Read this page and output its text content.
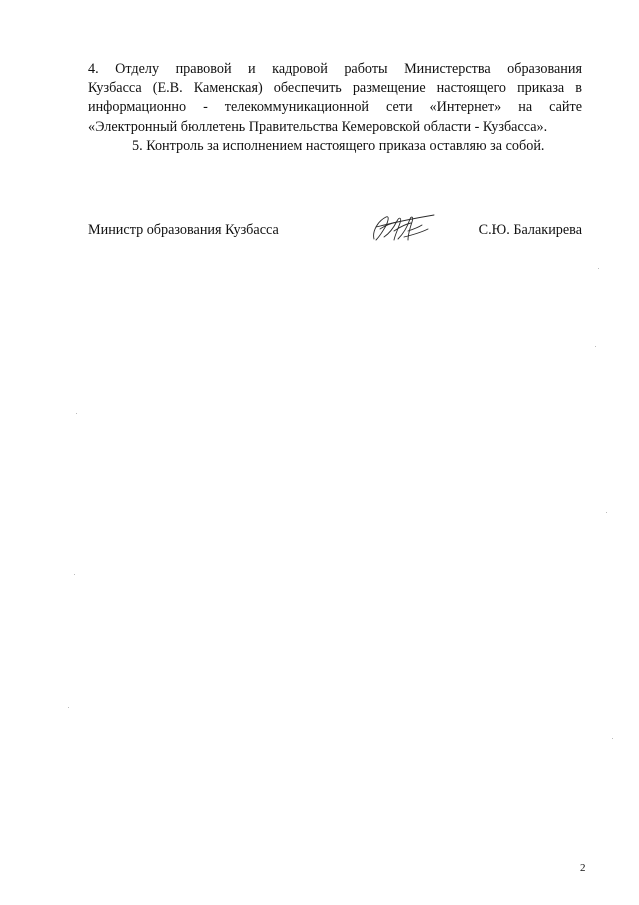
4. Отделу правовой и кадровой работы Министерства образования
Кузбасса (Е.В. Каменская) обеспечить размещение настоящего приказа в
информационно - телекоммуникационной сети «Интернет» на сайте
«Электронный бюллетень Правительства Кемеровской области - Кузбасса».

5. Контроль за исполнением настоящего приказа оставляю за собой.

Министр образования Кузбасса	С.Ю. Балакирева
2
